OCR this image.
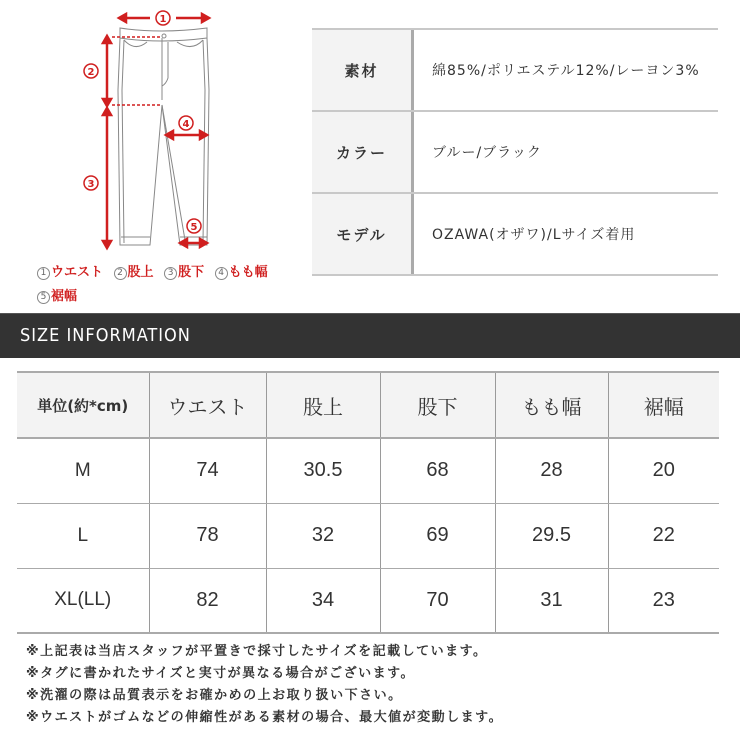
1
2
3
4
5
1 ウエスト 2 股上 3 股下 4 もも幅
5 裾幅
素材	綿85%/ポリエステル12%/レーヨン3%
カラー	ブルー/ブラック
モデル	OZAWA(オザワ)/Lサイズ着用
SIZE INFORMATION
単位(約*cm)	ウエスト	股上	股下	もも幅	裾幅
M	74	30.5	68	28	20
L	78	32	69	29.5	22
XL(LL)	82	34	70	31	23
※上記表は当店スタッフが平置きで採寸したサイズを記載しています。
※タグに書かれたサイズと実寸が異なる場合がございます。
※洗濯の際は品質表示をお確かめの上お取り扱い下さい。
※ウエストがゴムなどの伸縮性がある素材の場合、最大値が変動します。
